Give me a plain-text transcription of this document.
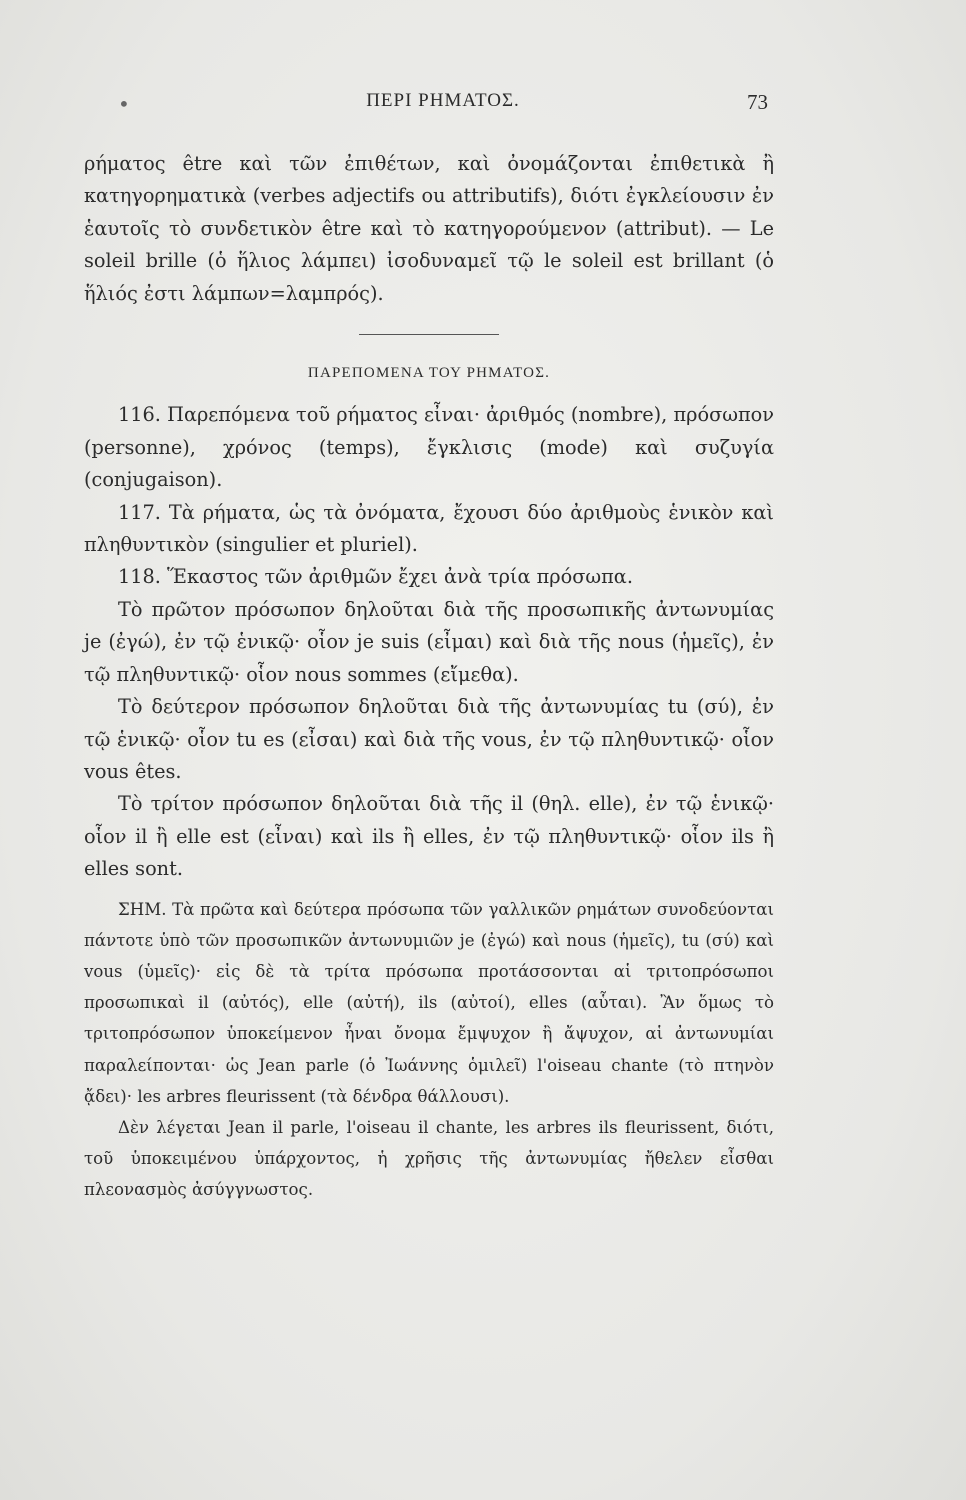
•	ΠΕΡΙ ΡΗΜΑΤΟΣ.	73

ρήματος être καὶ τῶν ἐπιθέτων, καὶ ὀνομάζονται ἐπιθετικὰ ἢ κατηγορηματικὰ (verbes adjectifs ou attributifs), διότι ἐγκλείουσιν ἐν ἑαυτοῖς τὸ συνδετικὸν être καὶ τὸ κατηγορούμενον (attribut). — Le soleil brille (ὁ ἥλιος λάμπει) ἰσοδυναμεῖ τῷ le soleil est brillant (ὁ ἥλιός ἐστι λάμπων=λαμπρός).

ΠΑΡΕΠΟΜΕΝΑ ΤΟΥ ΡΗΜΑΤΟΣ.

116. Παρεπόμενα τοῦ ρήματος εἶναι· ἀριθμός (nombre), πρόσωπον (personne), χρόνος (temps), ἔγκλισις (mode) καὶ συζυγία (conjugaison).

117. Τὰ ρήματα, ὡς τὰ ὀνόματα, ἔχουσι δύο ἀριθμοὺς ἑνικὸν καὶ πληθυντικὸν (singulier et pluriel).

118. Ἕκαστος τῶν ἀριθμῶν ἔχει ἀνὰ τρία πρόσωπα.

Τὸ πρῶτον πρόσωπον δηλοῦται διὰ τῆς προσωπικῆς ἀντωνυμίας je (ἐγώ), ἐν τῷ ἑνικῷ· οἷον je suis (εἶμαι) καὶ διὰ τῆς nous (ἡμεῖς), ἐν τῷ πληθυντικῷ· οἷον nous sommes (εἴμεθα).

Τὸ δεύτερον πρόσωπον δηλοῦται διὰ τῆς ἀντωνυμίας tu (σύ), ἐν τῷ ἑνικῷ· οἷον tu es (εἶσαι) καὶ διὰ τῆς vous, ἐν τῷ πληθυντικῷ· οἷον vous êtes.

Τὸ τρίτον πρόσωπον δηλοῦται διὰ τῆς il (θηλ. elle), ἐν τῷ ἑνικῷ· οἷον il ἢ elle est (εἶναι) καὶ ils ἢ elles, ἐν τῷ πληθυντικῷ· οἷον ils ἢ elles sont.

ΣΗΜ. Τὰ πρῶτα καὶ δεύτερα πρόσωπα τῶν γαλλικῶν ρημάτων συνοδεύονται πάντοτε ὑπὸ τῶν προσωπικῶν ἀντωνυμιῶν je (ἐγώ) καὶ nous (ἡμεῖς), tu (σύ) καὶ vous (ὑμεῖς)· εἰς δὲ τὰ τρίτα πρόσωπα προτάσσονται αἱ τριτοπρόσωποι προσωπικαὶ il (αὐτός), elle (αὐτή), ils (αὐτοί), elles (αὗται). Ἂν ὅμως τὸ τριτοπρόσωπον ὑποκείμενον ἦναι ὄνομα ἔμψυχον ἢ ἄψυχον, αἱ ἀντωνυμίαι παραλείπονται· ὡς Jean parle (ὁ Ἰωάννης ὁμιλεῖ) l'oiseau chante (τὸ πτηνὸν ᾄδει)· les arbres fleurissent (τὰ δένδρα θάλλουσι).

Δὲν λέγεται Jean il parle, l'oiseau il chante, les arbres ils fleurissent, διότι, τοῦ ὑποκειμένου ὑπάρχοντος, ἡ χρῆσις τῆς ἀντωνυμίας ἤθελεν εἶσθαι πλεονασμὸς ἀσύγγνωστος.
